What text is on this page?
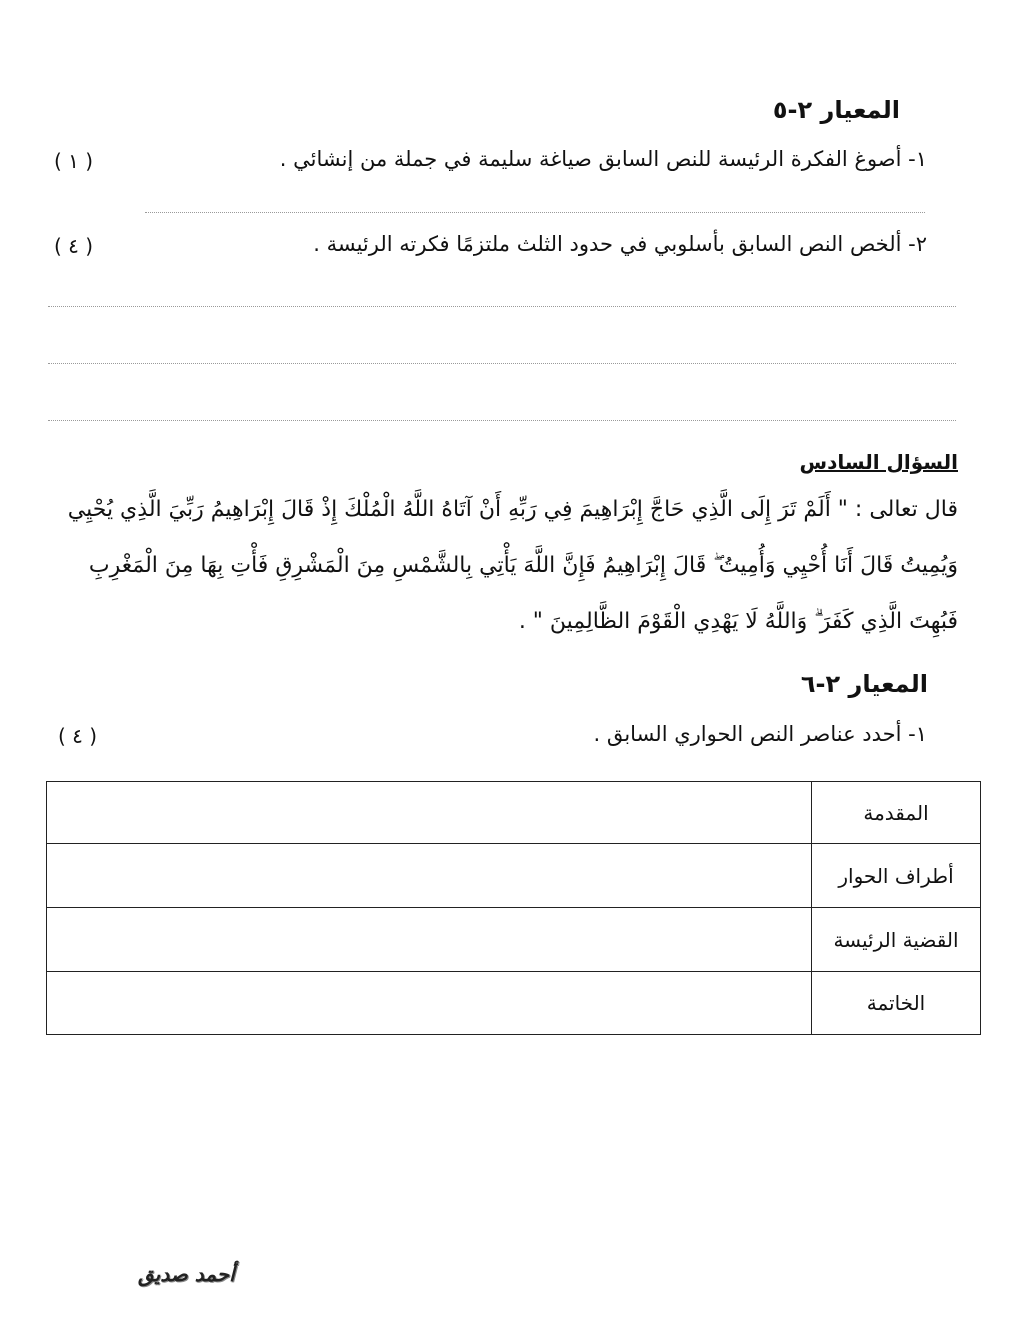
المعيار ٢-٥
١- أصوغ الفكرة الرئيسة للنص السابق صياغة سليمة في جملة من إنشائي .
( ١ )
٢- ألخص النص السابق بأسلوبي في حدود الثلث ملتزمًا فكرته الرئيسة .
( ٤ )
السؤال السادس
قال تعالى : " أَلَمْ تَرَ إِلَى الَّذِي حَاجَّ إِبْرَاهِيمَ فِي رَبِّهِ أَنْ آتَاهُ اللَّهُ الْمُلْكَ إِذْ قَالَ إِبْرَاهِيمُ رَبِّيَ الَّذِي يُحْيِي
وَيُمِيتُ قَالَ أَنَا أُحْيِي وَأُمِيتُ ۖ قَالَ إِبْرَاهِيمُ فَإِنَّ اللَّهَ يَأْتِي بِالشَّمْسِ مِنَ الْمَشْرِقِ فَأْتِ بِهَا مِنَ الْمَغْرِبِ
فَبُهِتَ الَّذِي كَفَرَ ۗ وَاللَّهُ لَا يَهْدِي الْقَوْمَ الظَّالِمِينَ " .
المعيار ٢-٦
١- أحدد عناصر النص الحواري السابق .
( ٤ )
المقدمة	
أطراف الحوار	
القضية الرئيسة	
الخاتمة	
أحمد صديق
